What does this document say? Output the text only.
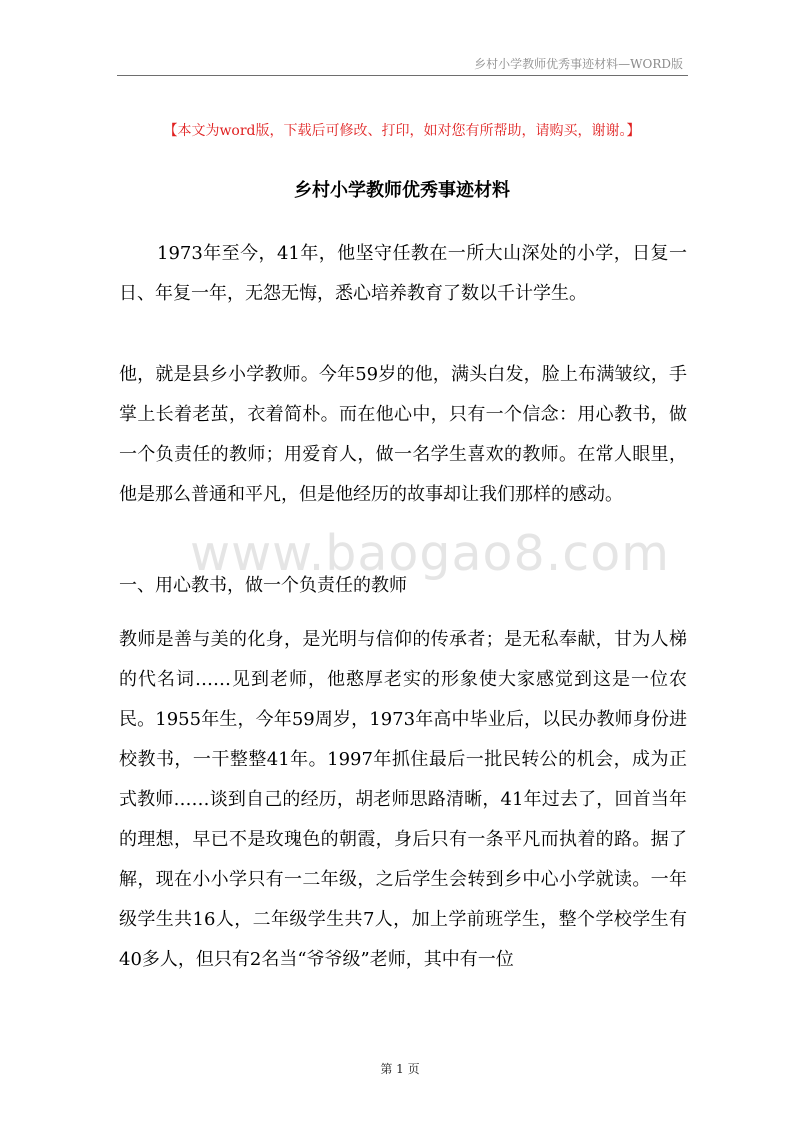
乡村小学教师优秀事迹材料—WORD版
【本文为word版，下载后可修改、打印，如对您有所帮助，请购买，谢谢。】
乡村小学教师优秀事迹材料
1973年至今，41年，他坚守任教在一所大山深处的小学，日复一日、年复一年，无怨无悔，悉心培养教育了数以千计学生。
他，就是县乡小学教师。今年59岁的他，满头白发，脸上布满皱纹，手掌上长着老茧，衣着简朴。而在他心中，只有一个信念：用心教书，做一个负责任的教师；用爱育人，做一名学生喜欢的教师。在常人眼里，他是那么普通和平凡，但是他经历的故事却让我们那样的感动。
一、用心教书，做一个负责任的教师
教师是善与美的化身，是光明与信仰的传承者；是无私奉献，甘为人梯的代名词……见到老师，他憨厚老实的形象使大家感觉到这是一位农民。1955年生，今年59周岁，1973年高中毕业后，以民办教师身份进校教书，一干整整41年。1997年抓住最后一批民转公的机会，成为正式教师……谈到自己的经历，胡老师思路清晰，41年过去了，回首当年的理想，早已不是玫瑰色的朝霞，身后只有一条平凡而执着的路。据了解，现在小小学只有一二年级，之后学生会转到乡中心小学就读。一年级学生共16人，二年级学生共7人，加上学前班学生，整个学校学生有40多人，但只有2名当“爷爷级”老师，其中有一位
www.baogao8.com
第 1 页
